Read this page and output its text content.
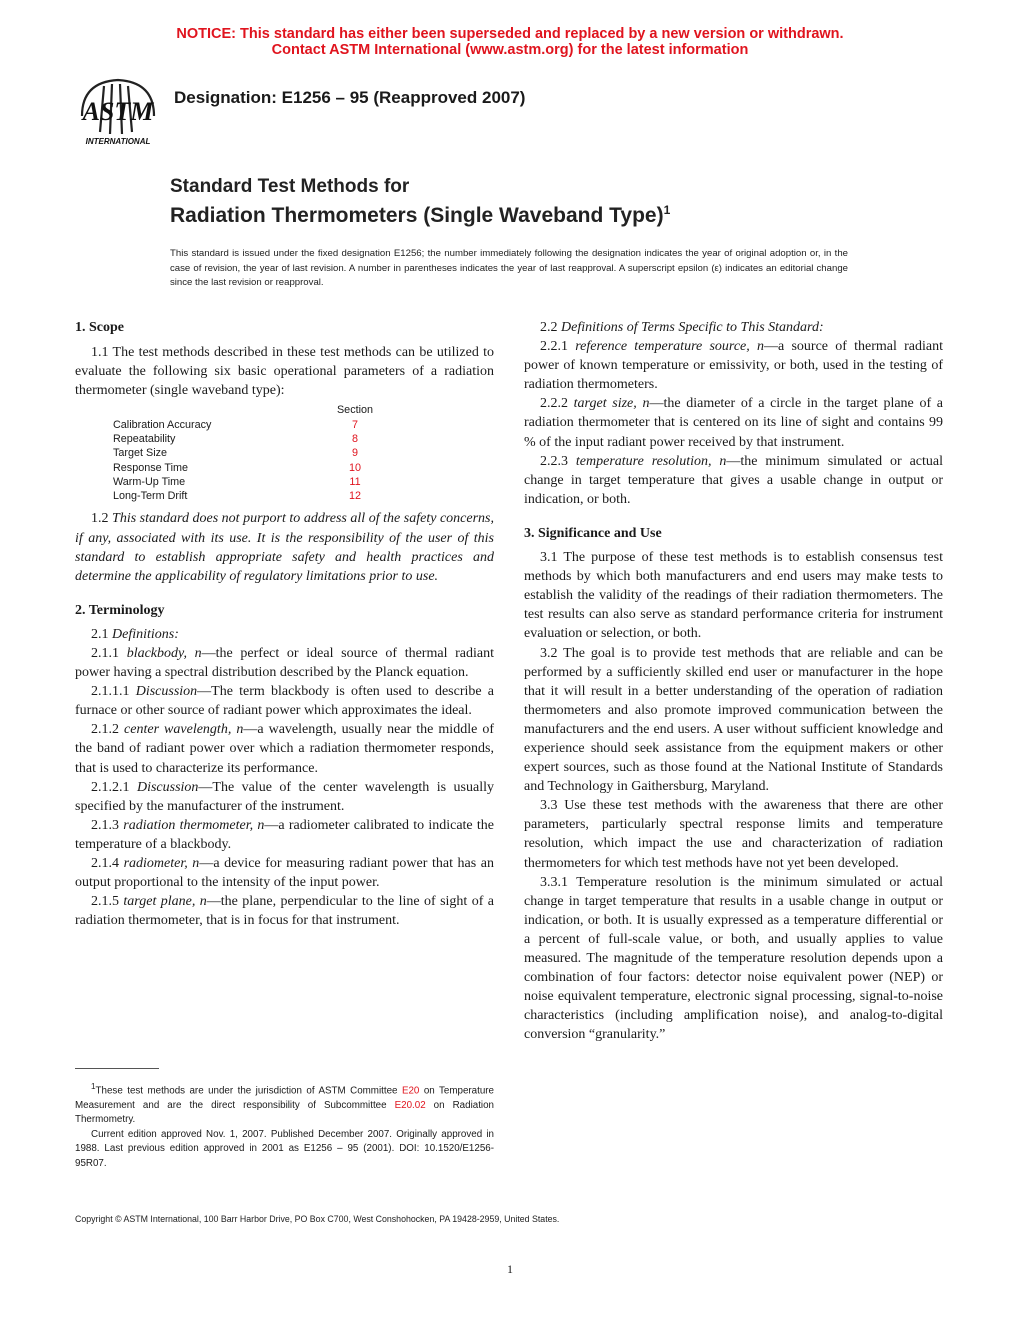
NOTICE: This standard has either been superseded and replaced by a new version or withdrawn.
Contact ASTM International (www.astm.org) for the latest information
ASTM
INTERNATIONAL
Designation: E1256 – 95 (Reapproved 2007)
Standard Test Methods for
Radiation Thermometers (Single Waveband Type)$^1$
This standard is issued under the fixed designation E1256; the number immediately following the designation indicates the year of original adoption or, in the case of revision, the year of last revision. A number in parentheses indicates the year of last reapproval. A superscript epsilon (ε) indicates an editorial change since the last revision or reapproval.

1. Scope

1.1 The test methods described in these test methods can be utilized to evaluate the following six basic operational parameters of a radiation thermometer (single waveband type):

Section
Calibration Accuracy	7
Repeatability	8
Target Size	9
Response Time	10
Warm-Up Time	11
Long-Term Drift	12

1.2 This standard does not purport to address all of the safety concerns, if any, associated with its use. It is the responsibility of the user of this standard to establish appropriate safety and health practices and determine the applicability of regulatory limitations prior to use.

2. Terminology

2.1 Definitions:

2.1.1 blackbody, n—the perfect or ideal source of thermal radiant power having a spectral distribution described by the Planck equation.

2.1.1.1 Discussion—The term blackbody is often used to describe a furnace or other source of radiant power which approximates the ideal.

2.1.2 center wavelength, n—a wavelength, usually near the middle of the band of radiant power over which a radiation thermometer responds, that is used to characterize its performance.

2.1.2.1 Discussion—The value of the center wavelength is usually specified by the manufacturer of the instrument.

2.1.3 radiation thermometer, n—a radiometer calibrated to indicate the temperature of a blackbody.

2.1.4 radiometer, n—a device for measuring radiant power that has an output proportional to the intensity of the input power.

2.1.5 target plane, n—the plane, perpendicular to the line of sight of a radiation thermometer, that is in focus for that instrument.

2.2 Definitions of Terms Specific to This Standard:

2.2.1 reference temperature source, n—a source of thermal radiant power of known temperature or emissivity, or both, used in the testing of radiation thermometers.

2.2.2 target size, n—the diameter of a circle in the target plane of a radiation thermometer that is centered on its line of sight and contains 99 % of the input radiant power received by that instrument.

2.2.3 temperature resolution, n—the minimum simulated or actual change in target temperature that gives a usable change in output or indication, or both.

3. Significance and Use

3.1 The purpose of these test methods is to establish consensus test methods by which both manufacturers and end users may make tests to establish the validity of the readings of their radiation thermometers. The test results can also serve as standard performance criteria for instrument evaluation or selection, or both.

3.2 The goal is to provide test methods that are reliable and can be performed by a sufficiently skilled end user or manufacturer in the hope that it will result in a better understanding of the operation of radiation thermometers and also promote improved communication between the manufacturers and the end users. A user without sufficient knowledge and experience should seek assistance from the equipment makers or other expert sources, such as those found at the National Institute of Standards and Technology in Gaithersburg, Maryland.

3.3 Use these test methods with the awareness that there are other parameters, particularly spectral response limits and temperature resolution, which impact the use and characterization of radiation thermometers for which test methods have not yet been developed.

3.3.1 Temperature resolution is the minimum simulated or actual change in target temperature that results in a usable change in output or indication, or both. It is usually expressed as a temperature differential or a percent of full-scale value, or both, and usually applies to value measured. The magnitude of the temperature resolution depends upon a combination of four factors: detector noise equivalent power (NEP) or noise equivalent temperature, electronic signal processing, signal-to-noise characteristics (including amplification noise), and analog-to-digital conversion “granularity.”

$^1$These test methods are under the jurisdiction of ASTM Committee E20 on Temperature Measurement and are the direct responsibility of Subcommittee E20.02 on Radiation Thermometry.

Current edition approved Nov. 1, 2007. Published December 2007. Originally approved in 1988. Last previous edition approved in 2001 as E1256 – 95 (2001). DOI: 10.1520/E1256-95R07.

Copyright © ASTM International, 100 Barr Harbor Drive, PO Box C700, West Conshohocken, PA 19428-2959, United States.
1
